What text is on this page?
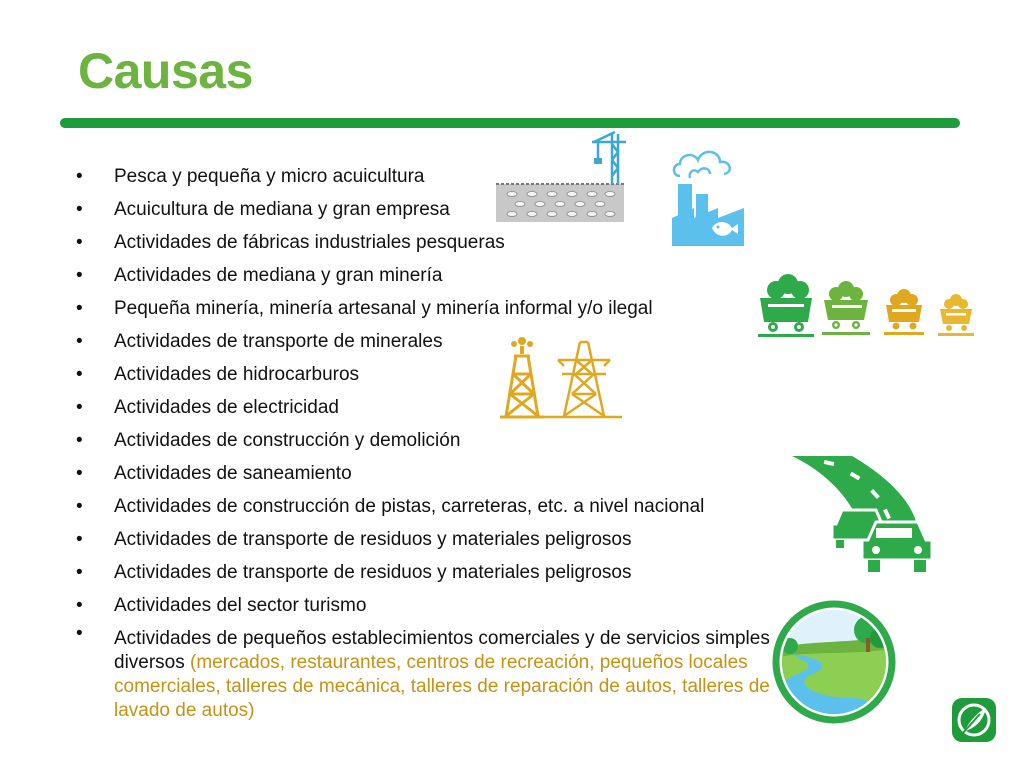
Causas
• Pesca y pequeña y micro acuicultura
• Acuicultura de mediana y gran empresa
• Actividades de fábricas industriales pesqueras
• Actividades de mediana y gran minería
• Pequeña minería, minería artesanal y minería informal y/o ilegal
• Actividades de transporte de minerales
• Actividades de hidrocarburos
• Actividades de electricidad
• Actividades de construcción y demolición
• Actividades de saneamiento
• Actividades de construcción de pistas, carreteras, etc. a nivel nacional
• Actividades de transporte de residuos y materiales peligrosos
• Actividades de transporte de residuos y materiales peligrosos
• Actividades del sector turismo
• Actividades de pequeños establecimientos comerciales y de servicios simples diversos (mercados, restaurantes, centros de recreación, pequeños locales comerciales, talleres de mecánica, talleres de reparación de autos, talleres de lavado de autos)
